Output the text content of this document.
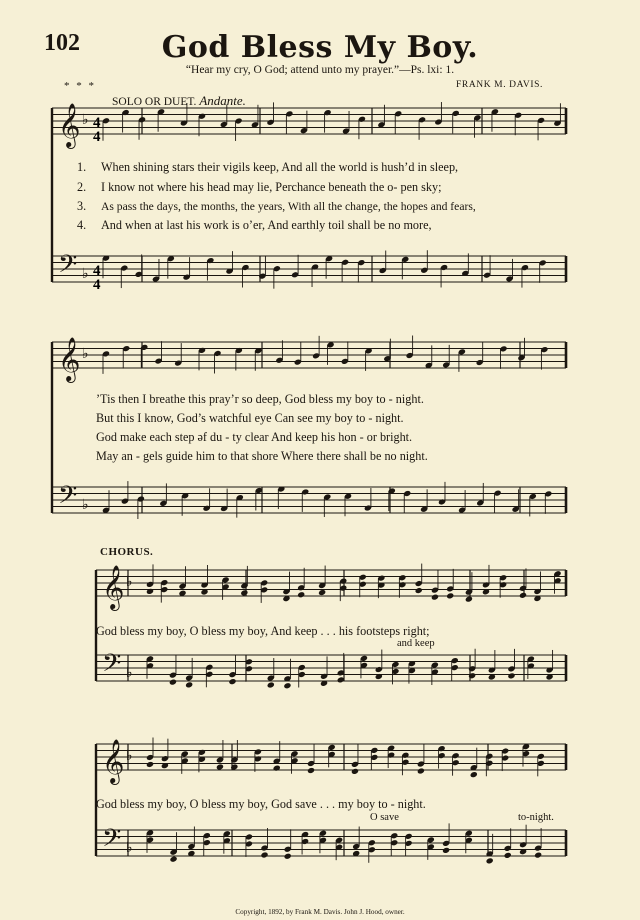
102	God Bless My Boy.
“Hear my cry, O God; attend unto my prayer.”—Ps. lxi: 1.
* * *	FRANK M. DAVIS.
SOLO OR DUET. Andante.
𝄞
𝄢
♭
♭
𝄞
𝄢
♭
♭
𝄞
𝄢
♭
♭
𝄞
𝄢
♭
♭
4
4
4
4
1. When shining stars their vigils keep, And all the world is hush’d in sleep,
2. I know not where his head may lie, Perchance beneath the o- pen sky;
3. As pass the days, the months, the years, With all the change, the hopes and fears,
4. And when at last his work is o’er, And earthly toil shall be no more,
’Tis then I breathe this pray’r so deep, God bless my boy to - night.
But this I know, God’s watchful eye Can see my boy to - night.
God make each step əf du - ty clear And keep his hon - or bright.
May an - gels guide him to that shore Where there shall be no night.
CHORUS.
God bless my boy, O bless my boy, And keep . . . his footsteps right;
and keep
God bless my boy, O bless my boy, God save . . . my boy to - night.
O save	to-night.
Copyright, 1892, by Frank M. Davis. John J. Hood, owner.
